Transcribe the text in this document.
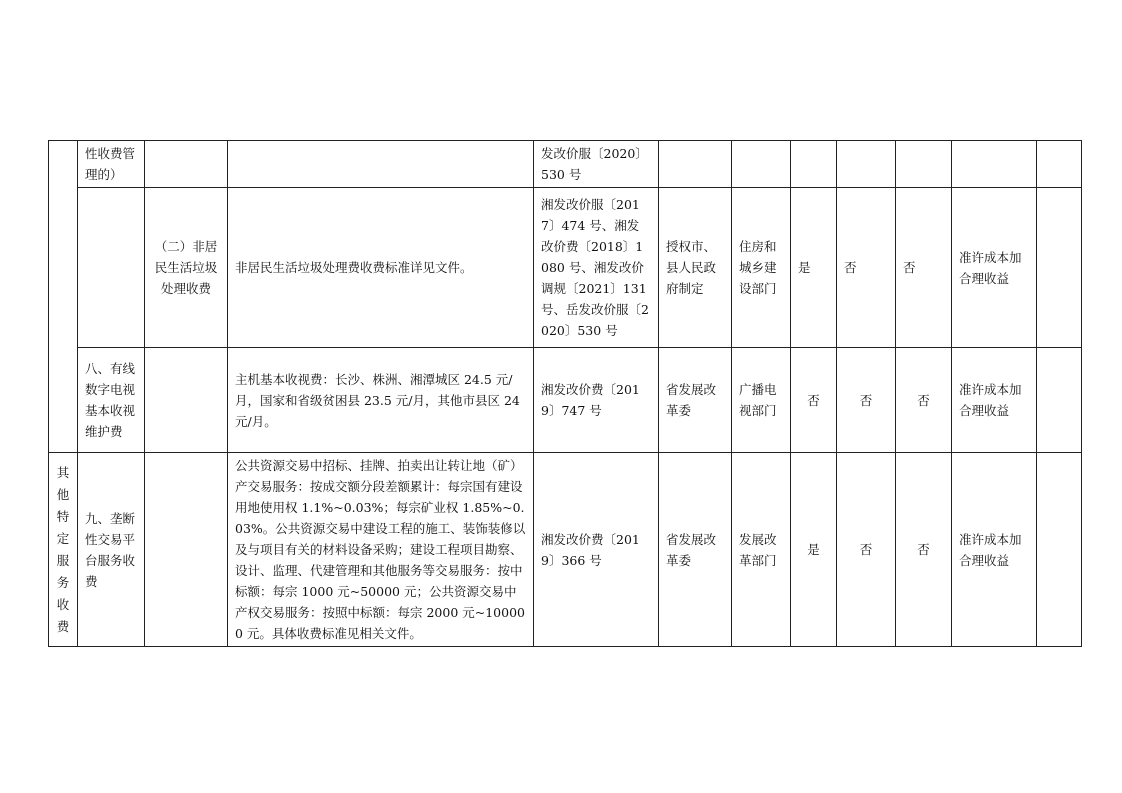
	性收费管理的）			发改价服〔2020〕530 号							
		（二）非居民生活垃圾处理收费	非居民生活垃圾处理费收费标准详见文件。	湘发改价服〔2017〕474 号、湘发改价费〔2018〕1080 号、湘发改价调规〔2021〕131 号、岳发改价服〔2020〕530 号	授权市、县人民政府制定	住房和城乡建设部门	是	否	否	准许成本加合理收益	
	八、有线数字电视基本收视维护费		主机基本收视费：长沙、株洲、湘潭城区 24.5 元/月，国家和省级贫困县 23.5 元/月，其他市县区 24 元/月。	湘发改价费〔2019〕747 号	省发展改革委	广播电视部门	否	否	否	准许成本加合理收益	
其他特定服务收费	九、垄断性交易平台服务收费		公共资源交易中招标、挂牌、拍卖出让转让地（矿）产交易服务：按成交额分段差额累计：每宗国有建设用地使用权 1.1%~0.03%；每宗矿业权 1.85%~0.03%。公共资源交易中建设工程的施工、装饰装修以及与项目有关的材料设备采购；建设工程项目勘察、设计、监理、代建管理和其他服务等交易服务：按中标额：每宗 1000 元~50000 元；公共资源交易中产权交易服务：按照中标额：每宗 2000 元~100000 元。具体收费标准见相关文件。	湘发改价费〔2019〕366 号	省发展改革委	发展改革部门	是	否	否	准许成本加合理收益	
